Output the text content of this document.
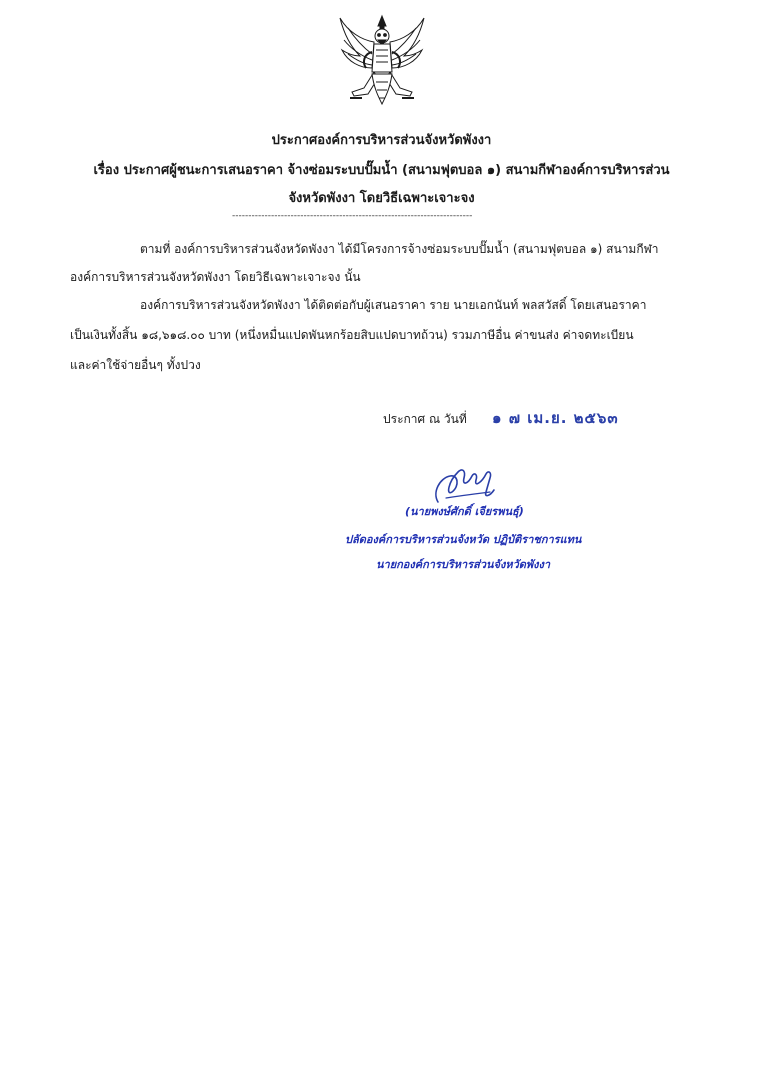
ประกาศองค์การบริหารส่วนจังหวัดพังงา
เรื่อง ประกาศผู้ชนะการเสนอราคา จ้างซ่อมระบบปั๊มน้ำ (สนามฟุตบอล ๑) สนามกีฬาองค์การบริหารส่วน
จังหวัดพังงา โดยวิธีเฉพาะเจาะจง
--------------------------------------------------------------------------
ตามที่ องค์การบริหารส่วนจังหวัดพังงา ได้มีโครงการจ้างซ่อมระบบปั๊มน้ำ (สนามฟุตบอล ๑) สนามกีฬา
องค์การบริหารส่วนจังหวัดพังงา โดยวิธีเฉพาะเจาะจง นั้น
องค์การบริหารส่วนจังหวัดพังงา ได้ติดต่อกับผู้เสนอราคา ราย นายเอกนันท์ พลสวัสดิ์ โดยเสนอราคา
เป็นเงินทั้งสิ้น ๑๘,๖๑๘.๐๐ บาท (หนึ่งหมื่นแปดพันหกร้อยสิบแปดบาทถ้วน) รวมภาษีอื่น ค่าขนส่ง ค่าจดทะเบียน
และค่าใช้จ่ายอื่นๆ ทั้งปวง
ประกาศ ณ วันที่ ๑ ๗ เม.ย. ๒๕๖๓
(นายพงษ์ศักดิ์ เจียรพนธุ์)
ปลัดองค์การบริหารส่วนจังหวัด ปฏิบัติราชการแทน
นายกองค์การบริหารส่วนจังหวัดพังงา
